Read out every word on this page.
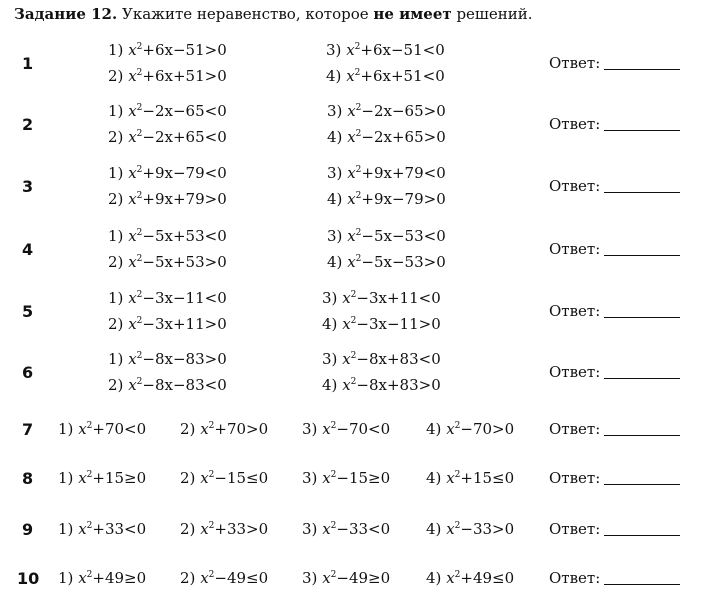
Задание 12. Укажите неравенство, которое не имеет решений.
1
1) $x^2+6x-51>0$
2) $x^2+6x+51>0$
3) $x^2+6x-51<0$
4) $x^2+6x+51<0$
Ответ:
2
1) $x^2-2x-65<0$
2) $x^2-2x+65<0$
3) $x^2-2x-65>0$
4) $x^2-2x+65>0$
Ответ:
3
1) $x^2+9x-79<0$
2) $x^2+9x+79>0$
3) $x^2+9x+79<0$
4) $x^2+9x-79>0$
Ответ:
4
1) $x^2-5x+53<0$
2) $x^2-5x+53>0$
3) $x^2-5x-53<0$
4) $x^2-5x-53>0$
Ответ:
5
1) $x^2-3x-11<0$
2) $x^2-3x+11>0$
3) $x^2-3x+11<0$
4) $x^2-3x-11>0$
Ответ:
6
1) $x^2-8x-83>0$
2) $x^2-8x-83<0$
3) $x^2-8x+83<0$
4) $x^2-8x+83>0$
Ответ:
7 1) $x^2+70<0$ 2) $x^2+70>0$ 3) $x^2-70<0$ 4) $x^2-70>0$ Ответ:
8 1) $x^2+15\ge 0$ 2) $x^2-15\le 0$ 3) $x^2-15\ge 0$ 4) $x^2+15\le 0$ Ответ:
9 1) $x^2+33<0$ 2) $x^2+33>0$ 3) $x^2-33<0$ 4) $x^2-33>0$ Ответ:
10 1) $x^2+49\ge 0$ 2) $x^2-49\le 0$ 3) $x^2-49\ge 0$ 4) $x^2+49\le 0$ Ответ:
